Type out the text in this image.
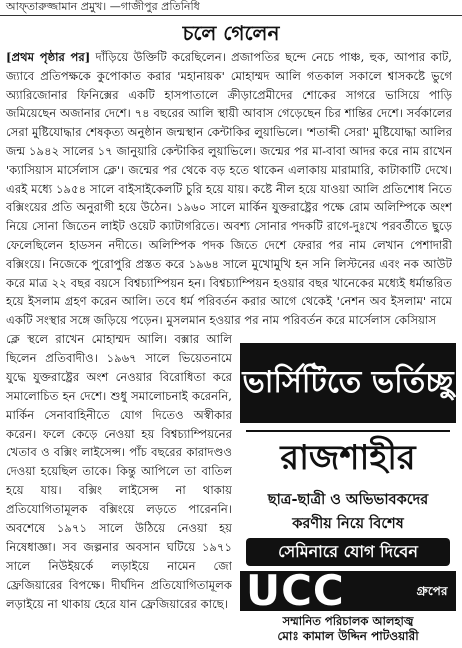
আফ্তারুজ্জামান প্রমুখ। —গাজীপুর প্রতিনিধি
চলে গেলেন
[প্রথম পৃষ্ঠার পর] দাঁড়িয়ে উক্তিটি করেছিলেন। প্রজাপতির ছন্দে নেচে পাঞ্চ, হুক, আপার কাট, জ্যাবে প্রতিপক্ষকে কুপোকাত করার 'মহানায়ক' মোহাম্মদ আলি গতকাল সকালে শ্বাসকষ্টে ভুগে অ্যারিজোনার ফিনিক্সের একটি হাসপাতালে ক্রীড়াপ্রেমীদের শোকের সাগরে ভাসিয়ে পাড়ি জমিয়েছেন অজানার দেশে। ৭৪ বছরের আলি স্থায়ী আবাস গেড়েছেন চির শান্তির দেশে। সর্বকালের সেরা মুষ্টিযোদ্ধার শেষকৃত্য অনুষ্ঠান জন্মস্থান কেন্টাকির লুয়াভিলে। 'শতাব্দী সেরা' মুষ্টিযোদ্ধা আলির জন্ম ১৯৪২ সালের ১৭ জানুয়ারি কেন্টাকির লুয়াভিলে। জন্মের পর মা-বাবা আদর করে নাম রাখেন 'ক্যাসিয়াস মার্সেলাস ক্লে'। জন্মের পর থেকে বড় হতে থাকেন এলাকায় মারামারি, কাটাকাটি দেখে। এরই মধ্যে ১৯৫৪ সালে বাইসাইকেলটি চুরি হয়ে যায়। কষ্টে নীল হয়ে যাওয়া আলি প্রতিশোধ নিতে বক্সিংয়ের প্রতি অনুরাগী হয়ে উঠেন। ১৯৬০ সালে মার্কিন যুক্তরাষ্ট্রের পক্ষে রোম অলিম্পিকে অংশ নিয়ে সোনা জিতেন লাইট ওয়েট ক্যাটাগরিতে। অবশ্য সোনার পদকটি রাগে-দুঃখে পরবর্তীতে ছুড়ে ফেলেছিলেন হাডসন নদীতে। অলিম্পিক পদক জিতে দেশে ফেরার পর নাম লেখান পেশাদারী বক্সিংয়ে। নিজেকে পুরোপুরি প্রস্তত করে ১৯৬৪ সালে মুখোমুখি হন সনি লিস্টনের এবং নক আউট করে মাত্র ২২ বছর বয়সে বিশ্বচ্যাম্পিয়ন হন। বিশ্বচ্যাম্পিয়ন হওয়ার বছর খানেকের মধ্যেই ধর্মান্তরিত হয়ে ইসলাম গ্রহণ করেন আলি। তবে ধর্ম পরিবর্তন করার আগে থেকেই 'নেশন অব ইসলাম' নামে একটি সংস্থার সঙ্গে জড়িয়ে পড়েন। মুসলমান হওয়ার পর নাম পরিবর্তন করে মার্সেলাস কেসিয়াস
ক্লে স্থলে রাখেন মোহাম্মদ আলি। বক্সার আলি ছিলেন প্রতিবাদীও। ১৯৬৭ সালে ভিয়েতনামে যুদ্ধে যুক্তরাষ্ট্রের অংশ নেওয়ার বিরোধিতা করে সমালোচিত হন দেশে। শুধু সমালোচনাই করেননি, মার্কিন সেনাবাহিনীতে যোগ দিতেও অস্বীকার করেন। ফলে কেড়ে নেওয়া হয় বিশ্বচ্যাম্পিয়নের খেতাব ও বক্সিং লাইসেন্স। পাঁচ বছরের কারাদণ্ডও দেওয়া হয়েছিল তাকে। কিন্তু আপিলে তা বাতিল হয়ে যায়। বক্সিং লাইসেন্স না থাকায় প্রতিযোগিতামূলক বক্সিংয়ে লড়তে পারেননি। অবশেষে ১৯৭১ সালে উঠিয়ে নেওয়া হয় নিষেধাজ্ঞা। সব জল্পনার অবসান ঘটিয়ে ১৯৭১ সালে নিউইয়র্কে লড়াইয়ে নামেন জো ফ্রেজিয়ারের বিপক্ষে। দীর্ঘদিন প্রতিযোগিতামূলক লড়াইয়ে না থাকায় হেরে যান ফ্রেজিয়ারের কাছে।
ভার্সিটিতে ভর্তিচ্ছু
রাজশাহীর
ছাত্র-ছাত্রী ও অভিভাবকদের
করণীয় নিয়ে বিশেষ
সেমিনারে যোগ দিবেন
UCC	গ্রুপের
সম্মানিত পরিচালক আলহাজ্ব
মোঃ কামাল উদ্দিন পাটওয়ারী
